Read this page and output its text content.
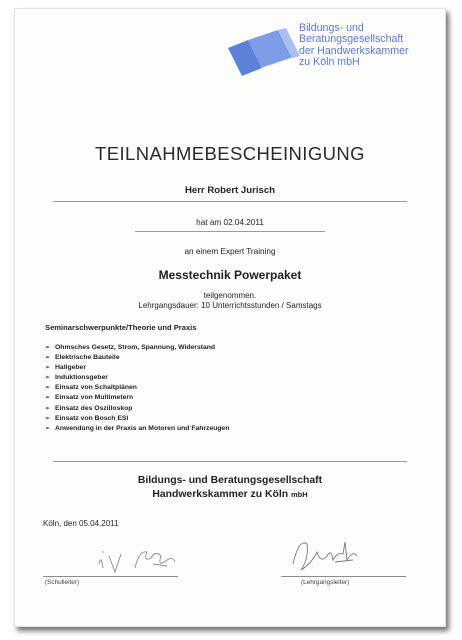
Bildungs- und
Beratungsgesellschaft
der Handwerkskammer
zu Köln mbH
TEILNAHMEBESCHEINIGUNG
Herr Robert Jurisch
hat am 02.04.2011
an einem Expert Training
Messtechnik Powerpaket
teilgenommen.
Lehrgangsdauer: 10 Unterrichtsstunden / Samstags
Seminarschwerpunkte/Theorie und Praxis
➢ Ohmsches Gesetz, Strom, Spannung, Widerstand
➢ Elektrische Bauteile
➢ Hallgeber
➢ Induktionsgeber
➢ Einsatz von Schaltplänen
➢ Einsatz von Multimetern
➢ Einsatz des Oszilloskop
➢ Einsatz von Bosch ESI
➢ Anwendung in der Praxis an Motoren und Fahrzeugen
Bildungs- und Beratungsgesellschaft
Handwerkskammer zu Köln mbH
Köln, den 05.04.2011
(Schulleiter)	(Lehrgangsleiter)
